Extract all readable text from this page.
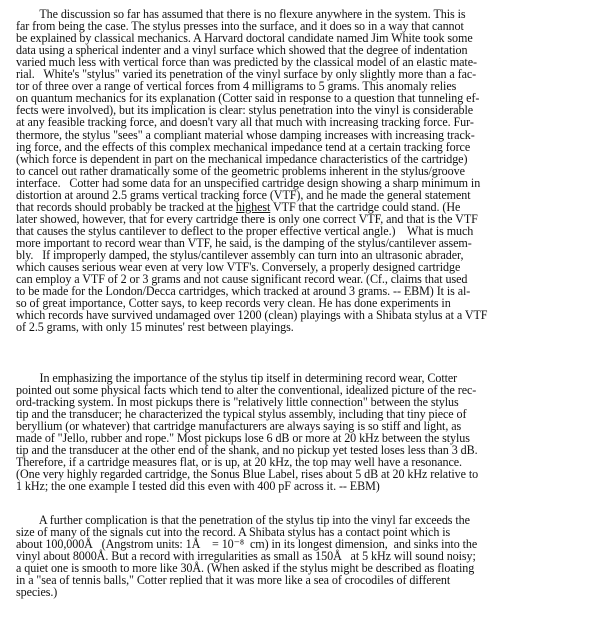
The discussion so far has assumed that there is no flexure anywhere in the system. This is
far from being the case. The stylus presses into the surface, and it does so in a way that cannot
be explained by classical mechanics. A Harvard doctoral candidate named Jim White took some
data using a spherical indenter and a vinyl surface which showed that the degree of indentation
varied much less with vertical force than was predicted by the classical model of an elastic mate-
rial.   White's "stylus" varied its penetration of the vinyl surface by only slightly more than a fac-
tor of three over a range of vertical forces from 4 milligrams to 5 grams. This anomaly relies
on quantum mechanics for its explanation (Cotter said in response to a question that tunneling ef-
fects were involved), but its implication is clear: stylus penetration into the vinyl is considerable
at any feasible tracking force, and doesn't vary all that much with increasing tracking force. Fur-
thermore, the stylus "sees" a compliant material whose damping increases with increasing track-
ing force, and the effects of this complex mechanical impedance tend at a certain tracking force
(which force is dependent in part on the mechanical impedance characteristics of the cartridge)
to cancel out rather dramatically some of the geometric problems inherent in the stylus/groove
interface.   Cotter had some data for an unspecified cartridge design showing a sharp minimum in
distortion at around 2.5 grams vertical tracking force (VTF), and he made the general statement
that records should probably be tracked at the highest VTF that the cartridge could stand. (He
later showed, however, that for every cartridge there is only one correct VTF, and that is the VTF
that causes the stylus cantilever to deflect to the proper effective vertical angle.)    What is much
more important to record wear than VTF, he said, is the damping of the stylus/cantilever assem-
bly.   If improperly damped, the stylus/cantilever assembly can turn into an ultrasonic abrader,
which causes serious wear even at very low VTF's. Conversely, a properly designed cartridge
can employ a VTF of 2 or 3 grams and not cause significant record wear. (Cf., claims that used
to be made for the London/Decca cartridges, which tracked at around 3 grams. -- EBM) It is al-
so of great importance, Cotter says, to keep records very clean. He has done experiments in
which records have survived undamaged over 1200 (clean) playings with a Shibata stylus at a VTF
of 2.5 grams, with only 15 minutes' rest between playings.
In emphasizing the importance of the stylus tip itself in determining record wear, Cotter
pointed out some physical facts which tend to alter the conventional, idealized picture of the rec-
ord-tracking system. In most pickups there is "relatively little connection" between the stylus
tip and the transducer; he characterized the typical stylus assembly, including that tiny piece of
beryllium (or whatever) that cartridge manufacturers are always saying is so stiff and light, as
made of "Jello, rubber and rope." Most pickups lose 6 dB or more at 20 kHz between the stylus
tip and the transducer at the other end of the shank, and no pickup yet tested loses less than 3 dB.
Therefore, if a cartridge measures flat, or is up, at 20 kHz, the top may well have a resonance.
(One very highly regarded cartridge, the Sonus Blue Label, rises about 5 dB at 20 kHz relative to
1 kHz; the one example I tested did this even with 400 pF across it. -- EBM)
A further complication is that the penetration of the stylus tip into the vinyl far exceeds the
size of many of the signals cut into the record. A Shibata stylus has a contact point which is
about 100,000Å   (Angstrom units: 1Å    = 10⁻⁸  cm) in its longest dimension,  and sinks into the
vinyl about 8000Å. But a record with irregularities as small as 150Å   at 5 kHz will sound noisy;
a quiet one is smooth to more like 30Å. (When asked if the stylus might be described as floating
in a "sea of tennis balls," Cotter replied that it was more like a sea of crocodiles of different
species.)
